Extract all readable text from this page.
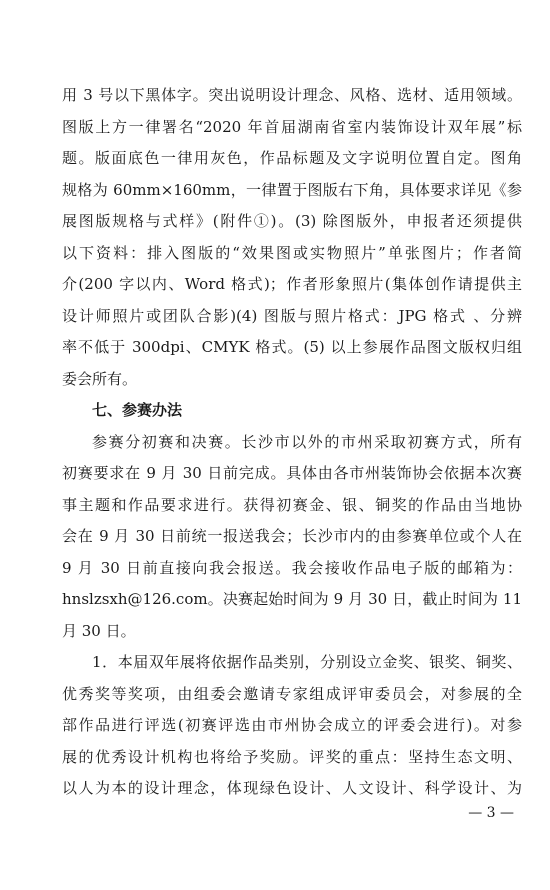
用 3 号以下黑体字。突出说明设计理念、风格、选材、适用领域。
图版上方一律署名“2020 年首届湖南省室内装饰设计双年展”标
题。版面底色一律用灰色，作品标题及文字说明位置自定。图角
规格为 60mm×160mm，一律置于图版右下角，具体要求详见《参
展图版规格与式样》(附件①)。(3) 除图版外，申报者还须提供
以下资料：排入图版的“效果图或实物照片”单张图片；作者简
介(200 字以内、Word 格式)；作者形象照片(集体创作请提供主
设计师照片或团队合影)(4) 图版与照片格式：JPG 格式 、分辨
率不低于 300dpi、CMYK 格式。(5) 以上参展作品图文版权归组
委会所有。
七、参赛办法
参赛分初赛和决赛。长沙市以外的市州采取初赛方式，所有
初赛要求在 9 月 30 日前完成。具体由各市州装饰协会依据本次赛
事主题和作品要求进行。获得初赛金、银、铜奖的作品由当地协
会在 9 月 30 日前统一报送我会；长沙市内的由参赛单位或个人在
9 月 30 日前直接向我会报送。我会接收作品电子版的邮箱为：
hnslzsxh@126.com。决赛起始时间为 9 月 30 日，截止时间为 11
月 30 日。
1．本届双年展将依据作品类别，分别设立金奖、银奖、铜奖、
优秀奖等奖项，由组委会邀请专家组成评审委员会，对参展的全
部作品进行评选(初赛评选由市州协会成立的评委会进行)。对参
展的优秀设计机构也将给予奖励。评奖的重点：坚持生态文明、
以人为本的设计理念，体现绿色设计、人文设计、科学设计、为
— 3 —
